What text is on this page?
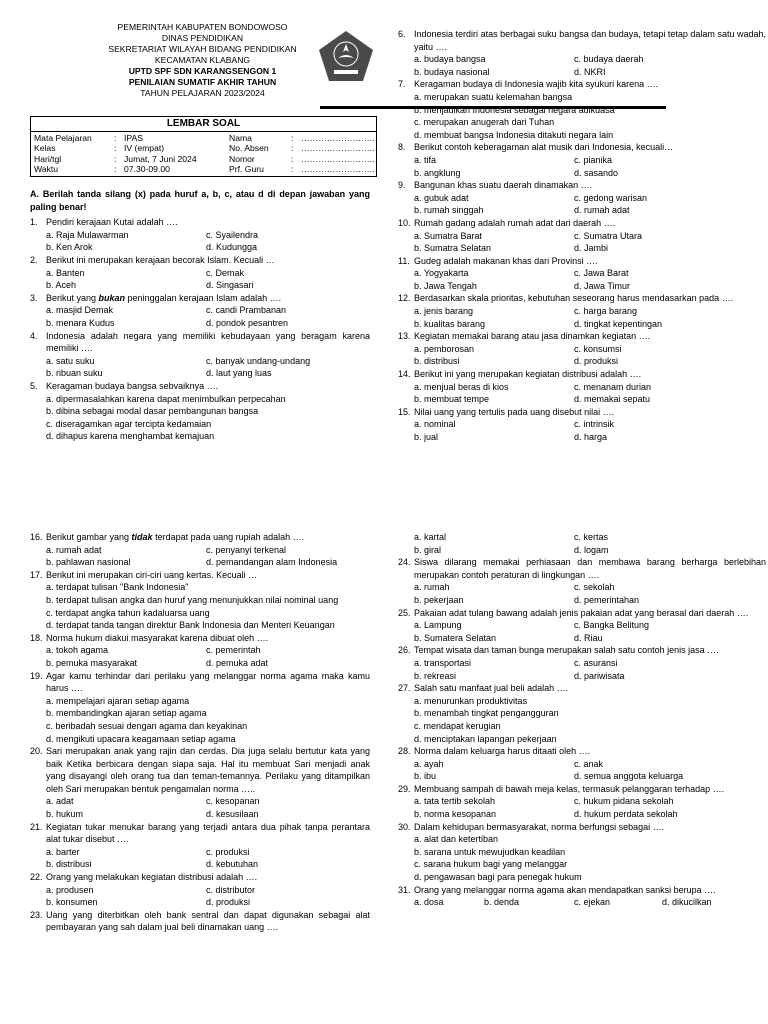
PEMERINTAH KABUPATEN BONDOWOSO
DINAS PENDIDIKAN
SEKRETARIAT WILAYAH BIDANG PENDIDIKAN
KECAMATAN KLABANG
UPTD SPF SDN KARANGSENGON 1
PENILAIAN SUMATIF AKHIR TAHUN
TAHUN PELAJARAN 2023/2024
LEMBAR SOAL
Mata Pelajaran	: IPAS	Nama	: ……………………..
Kelas	: IV (empat)	No. Absen	: ……………………..
Hari/tgl	: Jumat, 7 Juni 2024	Nomor	: ……………………..
Waktu	: 07.30-09.00	Prf. Guru	: ……………………..
A. Berilah tanda silang (x) pada huruf a, b, c, atau d di depan jawaban yang paling benar!
1. Pendiri kerajaan Kutai adalah ….
a. Raja Mulawarman	c. Syailendra
b. Ken Arok	d. Kudungga
2. Berikut ini merupakan kerajaan becorak Islam. Kecuali …
a. Banten	c. Demak
b. Aceh	d. Singasari
3. Berikut yang bukan peninggalan kerajaan Islam adalah ….
a. masjid Demak	c. candi Prambanan
b. menara Kudus	d. pondok pesantren
4. Indonesia adalah negara yang memiliki kebudayaan yang beragam karena memiliki ….
a. satu suku	c. banyak undang-undang
b. ribuan suku	d. laut yang luas
5. Keragaman budaya bangsa sebvaiknya ….
a. dipermasalahkan karena dapat menimbulkan perpecahan
b. dibina sebagai modal dasar pembangunan bangsa
c. diseragamkan agar tercipta kedamaian
d. dihapus karena menghambat kemajuan
6. Indonesia terdiri atas berbagai suku bangsa dan budaya, tetapi tetap dalam satu wadah, yaitu ….
a. budaya bangsa	c. budaya daerah
b. budaya nasional	d. NKRI
7. Keragaman budaya di Indonesia wajib kita syukuri karena ….
a. merupakan suatu kelemahan bangsa
b. menjadikan Indonesia sebagai negara adikuasa
c. merupakan anugerah dari Tuhan
d. membuat bangsa Indonesia ditakuti negara lain
8. Berikut contoh keberagaman alat musik dari Indonesia, kecuali…
a. tifa	c. pianika
b. angklung	d. sasando
9. Bangunan khas suatu daerah dinamakan ….
a. gubuk adat	c. gedong warisan
b. rumah singgah	d. rumah adat
10. Rumah gadang adalah rumah adat dari daerah ….
a. Sumatra Barat	c. Sumatra Utara
b. Sumatra Selatan	d. Jambi
11. Gudeg adalah makanan khas dari Provinsi ….
a. Yogyakarta	c. Jawa Barat
b. Jawa Tengah	d. Jawa Timur
12. Berdasarkan skala prioritas, kebutuhan seseorang harus mendasarkan pada ….
a. jenis barang	c. harga barang
b. kualitas barang	d. tingkat kepentingan
13. Kegiatan memakai barang atau jasa dinamkan kegiatan ….
a. pemborosan	c. konsumsi
b. distribusi	d. produksi
14. Berikut ini yang merupakan kegiatan distribusi adalah ….
a. menjual beras di kios	c. menanam durian
b. membuat tempe	d. memakai sepatu
15. Nilai uang yang tertulis pada uang disebut nilai ….
a. nominal	c. intrinsik
b. jual	d. harga
16. Berikut gambar yang tidak terdapat pada uang rupiah adalah ….
a. rumah adat	c. penyanyi terkenal
b. pahlawan nasional	d. pemandangan alam Indonesia
17. Berikut ini merupakan ciri-ciri uang kertas. Kecuali …
a. terdapat tulisan "Bank Indonesia"
b. terdapat tulisan angka dan huruf yang menunjukkan nilai nominal uang
c. terdapat angka tahun kadaluarsa uang
d. terdapat tanda tangan direktur Bank Indonesia dan Menteri Keuangan
18. Norma hukum diakui masyarakat karena dibuat oleh ….
a. tokoh agama	c. pemerintah
b. pemuka masyarakat	d. pemuka adat
19. Agar kamu terhindar dari perilaku yang melanggar norma agama maka kamu harus ….
a. mempelajari ajaran setiap agama
b. membandingkan ajaran setiap agama
c. beribadah sesuai dengan agama dan keyakinan
d. mengikuti upacara keagamaan setiap agama
20. Sari merupakan anak yang rajin dan cerdas. Dia juga selalu bertutur kata yang baik Ketika berbicara dengan siapa saja. Hal itu membuat Sari menjadi anak yang disayangi oleh orang tua dan teman-temannya. Perilaku yang ditampilkan oleh Sari merupakan bentuk pengamalan norma …..
a. adat	c. kesopanan
b. hukum	d. kesusilaan
21. Kegiatan tukar menukar barang yang terjadi antara dua pihak tanpa perantara alat tukar disebut ….
a. barter	c. produksi
b. distribusi	d. kebutuhan
22. Orang yang melakukan kegiatan distribusi adalah ….
a. produsen	c. distributor
b. konsumen	d. produksi
23. Uang yang diterbitkan oleh bank sentral dan dapat digunakan sebagai alat pembayaran yang sah dalam jual beli dinamakan uang ….
a. kartal	c. kertas
b. giral	d. logam
24. Siswa dilarang memakai perhiasaan dan membawa barang berharga berlebihan merupakan contoh peraturan di lingkungan ….
a. rumah	c. sekolah
b. pekerjaan	d. pemerintahan
25. Pakaian adat tulang bawang adalah jenis pakaian adat yang berasal dari daerah ….
a. Lampung	c. Bangka Belitung
b. Sumatera Selatan	d. Riau
26. Tempat wisata dan taman bunga merupakan salah satu contoh jenis jasa ….
a. transportasi	c. asuransi
b. rekreasi	d. pariwisata
27. Salah satu manfaat jual beli adalah ….
a. menurunkan produktivitas
b. menambah tingkat pengangguran
c. mendapat kerugian
d. menciptakan lapangan pekerjaan
28. Norma dalam keluarga harus ditaati oleh ….
a. ayah	c. anak
b. ibu	d. semua anggota keluarga
29. Membuang sampah di bawah meja kelas, termasuk pelanggaran terhadap ….
a. tata tertib sekolah	c. hukum pidana sekolah
b. norma kesopanan	d. hukum perdata sekolah
30. Dalam kehidupan bermasyarakat, norma berfungsi sebagai ….
a. alat dan ketertiban
b. sarana untuk mewujudkan keadilan
c. sarana hukum bagi yang melanggar
d. pengawasan bagi para penegak hukum
31. Orang yang melanggar norma agama akan mendapatkan sanksi berupa ….
a. dosa	b. denda	c. ejekan	d. dikucilkan
